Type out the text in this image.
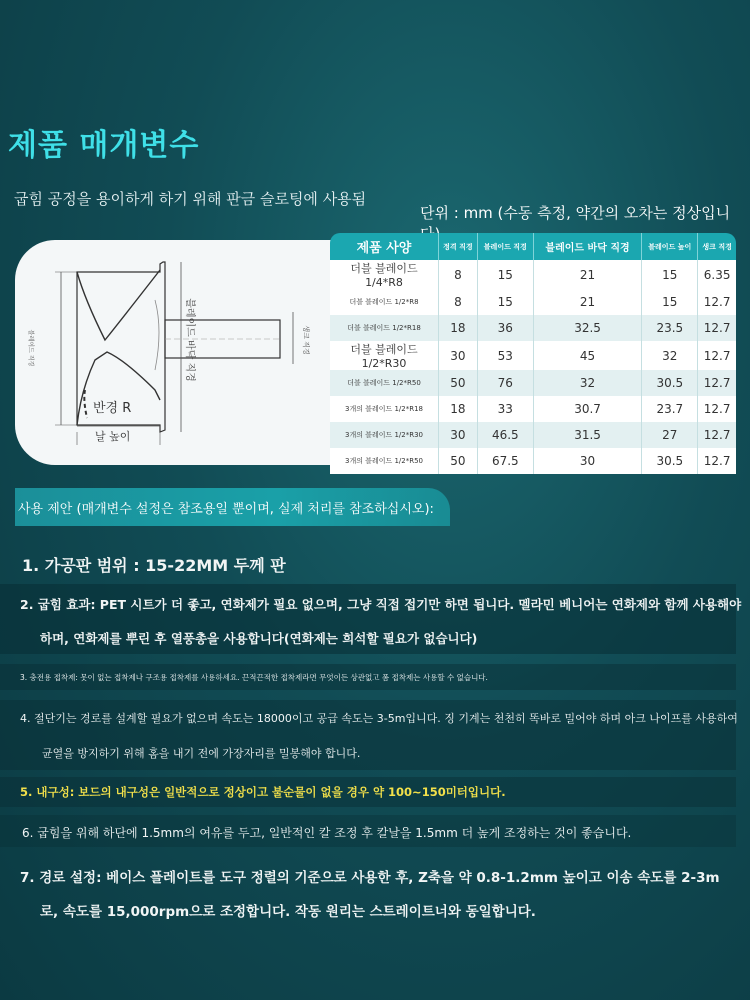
제품 매개변수
굽힘 공정을 용이하게 하기 위해 판금 슬로팅에 사용됨
단위 : mm (수동 측정, 약간의 오차는 정상입니
블레이드 직경	블레이드 바닥 직경	생크 직경
반경 R
날 높이
제품 사양	정격 직경	블레이드 직경	블레이드 바닥 직경	블레이드 높이	생크 직경
더블 블레이드 1/4*R8	8	15	21	15	6.35
더블 블레이드 1/2*R8	8	15	21	15	12.7
더블 블레이드 1/2*R18	18	36	32.5	23.5	12.7
더블 블레이드 1/2*R30	30	53	45	32	12.7
더블 블레이드 1/2*R50	50	76	32	30.5	12.7
3개의 블레이드 1/2*R18	18	33	30.7	23.7	12.7
3개의 블레이드 1/2*R30	30	46.5	31.5	27	12.7
3개의 블레이드 1/2*R50	50	67.5	30	30.5	12.7
사용 제안 (매개변수 설정은 참조용일 뿐이며, 실제 처리를 참조하십시오):
1. 가공판 범위 : 15-22MM 두께 판
2. 굽힘 효과: PET 시트가 더 좋고, 연화제가 필요 없으며, 그냥 직접 접기만 하면 됩니다. 멜라민 베니어는 연화제와 함께 사용해야
하며, 연화제를 뿌린 후 열풍총을 사용합니다(연화제는 희석할 필요가 없습니다)
3. 충전용 접착제: 못이 없는 접착제나 구조용 접착제를 사용하세요. 끈적끈적한 접착제라면 무엇이든 상관없고 폼 접착제는 사용할 수 없습니다.
4. 절단기는 경로를 설계할 필요가 없으며 속도는 18000이고 공급 속도는 3-5m입니다. 징 기계는 천천히 똑바로 밀어야 하며 아크 나이프를 사용하여
균열을 방지하기 위해 홈을 내기 전에 가장자리를 밀봉해야 합니다.
5. 내구성: 보드의 내구성은 일반적으로 정상이고 불순물이 없을 경우 약 100~150미터입니다.
6. 굽힘을 위해 하단에 1.5mm의 여유를 두고, 일반적인 칼 조정 후 칼날을 1.5mm 더 높게 조정하는 것이 좋습니다.
7. 경로 설정: 베이스 플레이트를 도구 정렬의 기준으로 사용한 후, Z축을 약 0.8-1.2mm 높이고 이송 속도를 2-3m
로, 속도를 15,000rpm으로 조정합니다. 작동 원리는 스트레이트너와 동일합니다.
